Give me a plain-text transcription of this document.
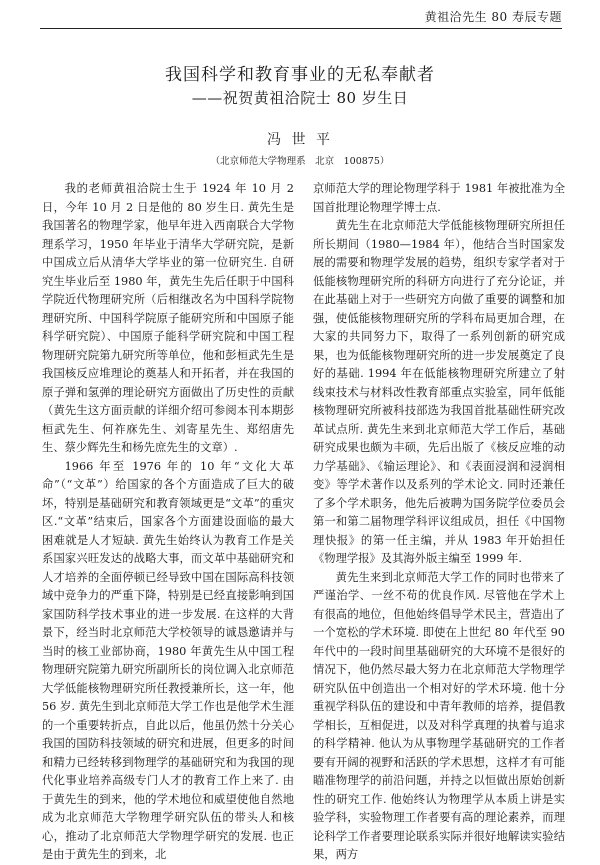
黄祖洽先生 80 寿辰专题
我国科学和教育事业的无私奉献者
——祝贺黄祖洽院士 80 岁生日
冯 世 平
（北京师范大学物理系　北京　100875）

我的老师黄祖洽院士生于 1924 年 10 月 2 日，今年 10 月 2 日是他的 80 岁生日. 黄先生是我国著名的物理学家，他早年进入西南联合大学物理系学习，1950 年毕业于清华大学研究院，是新中国成立后从清华大学毕业的第一位研究生. 自研究生毕业后至 1980 年，黄先生先后任职于中国科学院近代物理研究所（后相继改名为中国科学院物理研究所、中国科学院原子能研究所和中国原子能科学研究院）、中国原子能科学研究院和中国工程物理研究院第九研究所等单位，他和彭桓武先生是我国核反应堆理论的奠基人和开拓者，并在我国的原子弹和氢弹的理论研究方面做出了历史性的贡献（黄先生这方面贡献的详细介绍可参阅本刊本期彭桓武先生、何祚庥先生、刘寄星先生、郑绍唐先生、蔡少辉先生和杨先庶先生的文章）.

1966 年至 1976 年的 10 年“文化大革命”（“文革”）给国家的各个方面造成了巨大的破坏，特别是基础研究和教育领域更是“文革”的重灾区.“文革”结束后，国家各个方面建设面临的最大困难就是人才短缺. 黄先生始终认为教育工作是关系国家兴旺发达的战略大事，而文革中基础研究和人才培养的全面停顿已经导致中国在国际高科技领域中竞争力的严重下降，特别是已经直接影响到国家国防科学技术事业的进一步发展. 在这样的大背景下，经当时北京师范大学校领导的诚恳邀请并与当时的核工业部协商，1980 年黄先生从中国工程物理研究院第九研究所副所长的岗位调入北京师范大学低能核物理研究所任教授兼所长，这一年，他 56 岁. 黄先生到北京师范大学工作也是他学术生涯的一个重要转折点，自此以后，他虽仍然十分关心我国的国防科技领域的研究和进展，但更多的时间和精力已经转移到物理学的基础研究和为我国的现代化事业培养高级专门人才的教育工作上来了. 由于黄先生的到来，他的学术地位和威望使他自然地成为北京师范大学物理学研究队伍的带头人和核心，推动了北京师范大学物理学研究的发展. 也正是由于黄先生的到来，北

京师范大学的理论物理学科于 1981 年被批准为全国首批理论物理学博士点.

黄先生在北京师范大学低能核物理研究所担任所长期间（1980—1984 年），他结合当时国家发展的需要和物理学发展的趋势，组织专家学者对于低能核物理研究所的科研方向进行了充分论证，并在此基础上对于一些研究方向做了重要的调整和加强，使低能核物理研究所的学科布局更加合理，在大家的共同努力下，取得了一系列创新的研究成果，也为低能核物理研究所的进一步发展奠定了良好的基础. 1994 年在低能核物理研究所建立了射线束技术与材料改性教育部重点实验室，同年低能核物理研究所被科技部选为我国首批基础性研究改革试点所. 黄先生来到北京师范大学工作后，基础研究成果也颇为丰硕，先后出版了《核反应堆的动力学基础》、《输运理论》、和《表面浸润和浸润相变》等学术著作以及系列的学术论文. 同时还兼任了多个学术职务，他先后被聘为国务院学位委员会第一和第二届物理学科评议组成员，担任《中国物理快报》的第一任主编，并从 1983 年开始担任《物理学报》及其海外版主编至 1999 年.

黄先生来到北京师范大学工作的同时也带来了严谨治学、一丝不苟的优良作风. 尽管他在学术上有很高的地位，但他始终倡导学术民主，营造出了一个宽松的学术环境. 即使在上世纪 80 年代至 90 年代中的一段时间里基础研究的大环境不是很好的情况下，他仍然尽最大努力在北京师范大学物理学研究队伍中创造出一个相对好的学术环境. 他十分重视学科队伍的建设和中青年教师的培养，提倡教学相长，互相促进，以及对科学真理的执着与追求的科学精神. 他认为从事物理学基础研究的工作者要有开阔的视野和活跃的学术思想，这样才有可能瞄准物理学的前沿问题，并持之以恒做出原始创新性的研究工作. 他始终认为物理学从本质上讲是实验学科，实验物理工作者要有高的理论素养，而理论科学工作者要理论联系实际并很好地解读实验结果，两方
